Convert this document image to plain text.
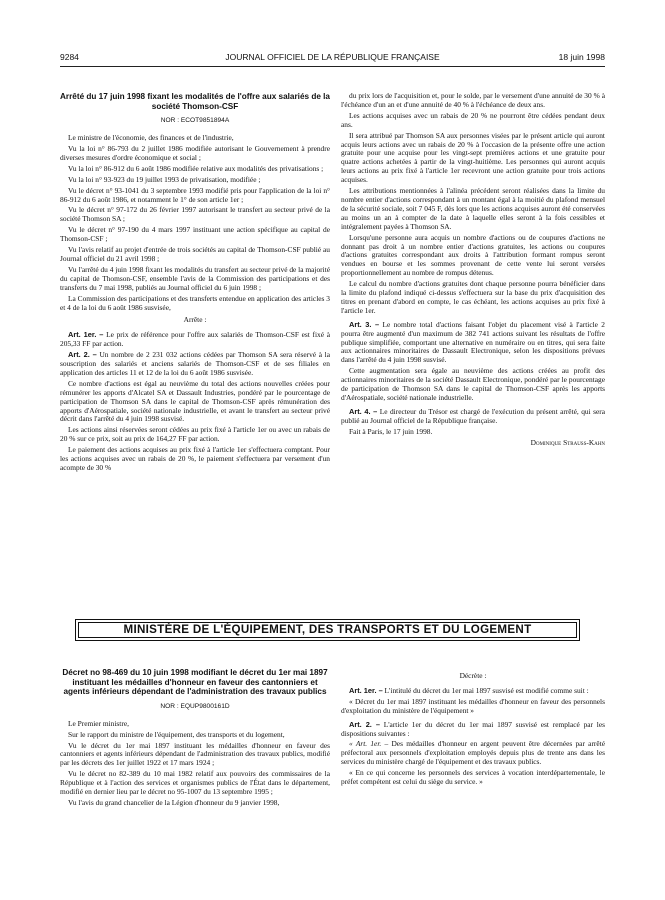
9284	JOURNAL OFFICIEL DE LA RÉPUBLIQUE FRANÇAISE	18 juin 1998
Arrêté du 17 juin 1998 fixant les modalités de l'offre aux salariés de la société Thomson-CSF
NOR : ECOT9851894A

Le ministre de l'économie, des finances et de l'industrie,

Vu la loi n° 86-793 du 2 juillet 1986 modifiée autorisant le Gouvernement à prendre diverses mesures d'ordre économique et social ;

Vu la loi n° 86-912 du 6 août 1986 modifiée relative aux modalités des privatisations ;

Vu la loi n° 93-923 du 19 juillet 1993 de privatisation, modifiée ;

Vu le décret n° 93-1041 du 3 septembre 1993 modifié pris pour l'application de la loi n° 86-912 du 6 août 1986, et notamment le 1° de son article 1er ;

Vu le décret n° 97-172 du 26 février 1997 autorisant le transfert au secteur privé de la société Thomson SA ;

Vu le décret n° 97-190 du 4 mars 1997 instituant une action spécifique au capital de Thomson-CSF ;

Vu l'avis relatif au projet d'entrée de trois sociétés au capital de Thomson-CSF publié au Journal officiel du 21 avril 1998 ;

Vu l'arrêté du 4 juin 1998 fixant les modalités du transfert au secteur privé de la majorité du capital de Thomson-CSF, ensemble l'avis de la Commission des participations et des transferts du 7 mai 1998, publiés au Journal officiel du 6 juin 1998 ;

La Commission des participations et des transferts entendue en application des articles 3 et 4 de la loi du 6 août 1986 susvisée,

Arrête :

Art. 1er. – Le prix de référence pour l'offre aux salariés de Thomson-CSF est fixé à 205,33 FF par action.

Art. 2. – Un nombre de 2 231 032 actions cédées par Thomson SA sera réservé à la souscription des salariés et anciens salariés de Thomson-CSF et de ses filiales en application des articles 11 et 12 de la loi du 6 août 1986 susvisée.

Ce nombre d'actions est égal au neuvième du total des actions nouvelles créées pour rémunérer les apports d'Alcatel SA et Dassault Industries, pondéré par le pourcentage de participation de Thomson SA dans le capital de Thomson-CSF après rémunération des apports d'Aérospatiale, société nationale industrielle, et avant le transfert au secteur privé décrit dans l'arrêté du 4 juin 1998 susvisé.

Les actions ainsi réservées seront cédées au prix fixé à l'article 1er ou avec un rabais de 20 % sur ce prix, soit au prix de 164,27 FF par action.

Le paiement des actions acquises au prix fixé à l'article 1er s'effectuera comptant. Pour les actions acquises avec un rabais de 20 %, le paiement s'effectuera par versement d'un acompte de 30 %

du prix lors de l'acquisition et, pour le solde, par le versement d'une annuité de 30 % à l'échéance d'un an et d'une annuité de 40 % à l'échéance de deux ans.

Les actions acquises avec un rabais de 20 % ne pourront être cédées pendant deux ans.

Il sera attribué par Thomson SA aux personnes visées par le présent article qui auront acquis leurs actions avec un rabais de 20 % à l'occasion de la présente offre une action gratuite pour une acquise pour les vingt-sept premières actions et une gratuite pour quatre actions achetées à partir de la vingt-huitième. Les personnes qui auront acquis leurs actions au prix fixé à l'article 1er recevront une action gratuite pour trois actions acquises.

Les attributions mentionnées à l'alinéa précédent seront réalisées dans la limite du nombre entier d'actions correspondant à un montant égal à la moitié du plafond mensuel de la sécurité sociale, soit 7 045 F, dès lors que les actions acquises auront été conservées au moins un an à compter de la date à laquelle elles seront à la fois cessibles et intégralement payées à Thomson SA.

Lorsqu'une personne aura acquis un nombre d'actions ou de coupures d'actions ne donnant pas droit à un nombre entier d'actions gratuites, les actions ou coupures d'actions gratuites correspondant aux droits à l'attribution formant rompus seront vendues en bourse et les sommes provenant de cette vente lui seront versées proportionnellement au nombre de rompus détenus.

Le calcul du nombre d'actions gratuites dont chaque personne pourra bénéficier dans la limite du plafond indiqué ci-dessus s'effectuera sur la base du prix d'acquisition des titres en prenant d'abord en compte, le cas échéant, les actions acquises au prix fixé à l'article 1er.

Art. 3. – Le nombre total d'actions faisant l'objet du placement visé à l'article 2 pourra être augmenté d'un maximum de 382 741 actions suivant les résultats de l'offre publique simplifiée, comportant une alternative en numéraire ou en titres, qui sera faite aux actionnaires minoritaires de Dassault Electronique, selon les dispositions prévues dans l'arrêté du 4 juin 1998 susvisé.

Cette augmentation sera égale au neuvième des actions créées au profit des actionnaires minoritaires de la société Dassault Electronique, pondéré par le pourcentage de participation de Thomson SA dans le capital de Thomson-CSF après les apports d'Aérospatiale, société nationale industrielle.

Art. 4. – Le directeur du Trésor est chargé de l'exécution du présent arrêté, qui sera publié au Journal officiel de la République française.

Fait à Paris, le 17 juin 1998.

Dominique Strauss-Kahn
MINISTÈRE DE L'ÉQUIPEMENT, DES TRANSPORTS ET DU LOGEMENT
Décret no 98-469 du 10 juin 1998 modifiant le décret du 1er mai 1897 instituant les médailles d'honneur en faveur des cantonniers et agents inférieurs dépendant de l'administration des travaux publics
NOR : EQUP9800161D

Le Premier ministre,

Sur le rapport du ministre de l'équipement, des transports et du logement,

Vu le décret du 1er mai 1897 instituant les médailles d'honneur en faveur des cantonniers et agents inférieurs dépendant de l'administration des travaux publics, modifié par les décrets des 1er juillet 1922 et 17 mars 1924 ;

Vu le décret no 82-389 du 10 mai 1982 relatif aux pouvoirs des commissaires de la République et à l'action des services et organismes publics de l'État dans le département, modifié en dernier lieu par le décret no 95-1007 du 13 septembre 1995 ;

Vu l'avis du grand chancelier de la Légion d'honneur du 9 janvier 1998,

Décrète :

Art. 1er. – L'intitulé du décret du 1er mai 1897 susvisé est modifié comme suit :

« Décret du 1er mai 1897 instituant les médailles d'honneur en faveur des personnels d'exploitation du ministère de l'équipement »

Art. 2. – L'article 1er du décret du 1er mai 1897 susvisé est remplacé par les dispositions suivantes :

« Art. 1er. – Des médailles d'honneur en argent peuvent être décernées par arrêté préfectoral aux personnels d'exploitation employés depuis plus de trente ans dans les services du ministère chargé de l'équipement et des travaux publics.

« En ce qui concerne les personnels des services à vocation interdépartementale, le préfet compétent est celui du siège du service. »
